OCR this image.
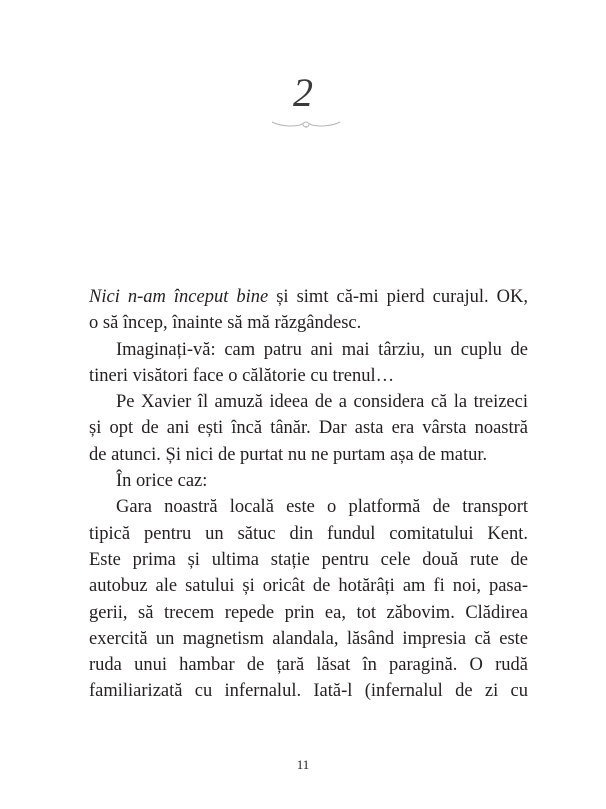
2

Nici n-am început bine și simt că-mi pierd curajul. OK,
o să încep, înainte să mă răzgândesc.

Imaginați-vă: cam patru ani mai târziu, un cuplu de
tineri visători face o călătorie cu trenul…

Pe Xavier îl amuză ideea de a considera că la treizeci
și opt de ani ești încă tânăr. Dar asta era vârsta noastră
de atunci. Și nici de purtat nu ne purtam așa de matur.

În orice caz:

Gara noastră locală este o platformă de transport
tipică pentru un sătuc din fundul comitatului Kent.
Este prima și ultima stație pentru cele două rute de
autobuz ale satului și oricât de hotărâți am fi noi, pasa-
gerii, să trecem repede prin ea, tot zăbovim. Clădirea
exercită un magnetism alandala, lăsând impresia că este
ruda unui hambar de țară lăsat în paragină. O rudă
familiarizată cu infernalul. Iată-l (infernalul de zi cu

11
